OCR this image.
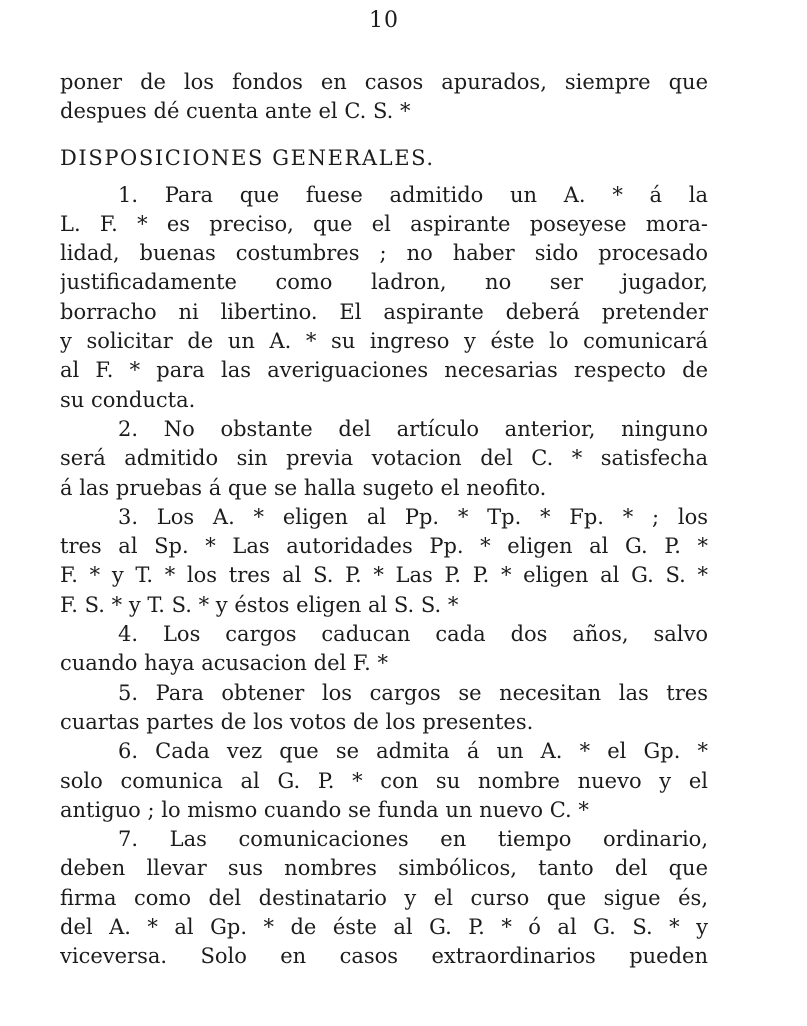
10
poner de los fondos en casos apurados, siempre que
despues dé cuenta ante el C. S. *
DISPOSICIONES GENERALES.
1. Para que fuese admitido un A. * á la
L. F. * es preciso, que el aspirante poseyese mora-
lidad, buenas costumbres ; no haber sido procesado
justificadamente como ladron, no ser jugador,
borracho ni libertino. El aspirante deberá pretender
y solicitar de un A. * su ingreso y éste lo comunicará
al F. * para las averiguaciones necesarias respecto de
su conducta.
2. No obstante del artículo anterior, ninguno
será admitido sin previa votacion del C. * satisfecha
á las pruebas á que se halla sugeto el neofito.
3. Los A. * eligen al Pp. * Tp. * Fp. * ; los
tres al Sp. * Las autoridades Pp. * eligen al G. P. *
F. * y T. * los tres al S. P. * Las P. P. * eligen al G. S. *
F. S. * y T. S. * y éstos eligen al S. S. *
4. Los cargos caducan cada dos años, salvo
cuando haya acusacion del F. *
5. Para obtener los cargos se necesitan las tres
cuartas partes de los votos de los presentes.
6. Cada vez que se admita á un A. * el Gp. *
solo comunica al G. P. * con su nombre nuevo y el
antiguo ; lo mismo cuando se funda un nuevo C. *
7. Las comunicaciones en tiempo ordinario,
deben llevar sus nombres simbólicos, tanto del que
firma como del destinatario y el curso que sigue és,
del A. * al Gp. * de éste al G. P. * ó al G. S. * y
viceversa. Solo en casos extraordinarios pueden
